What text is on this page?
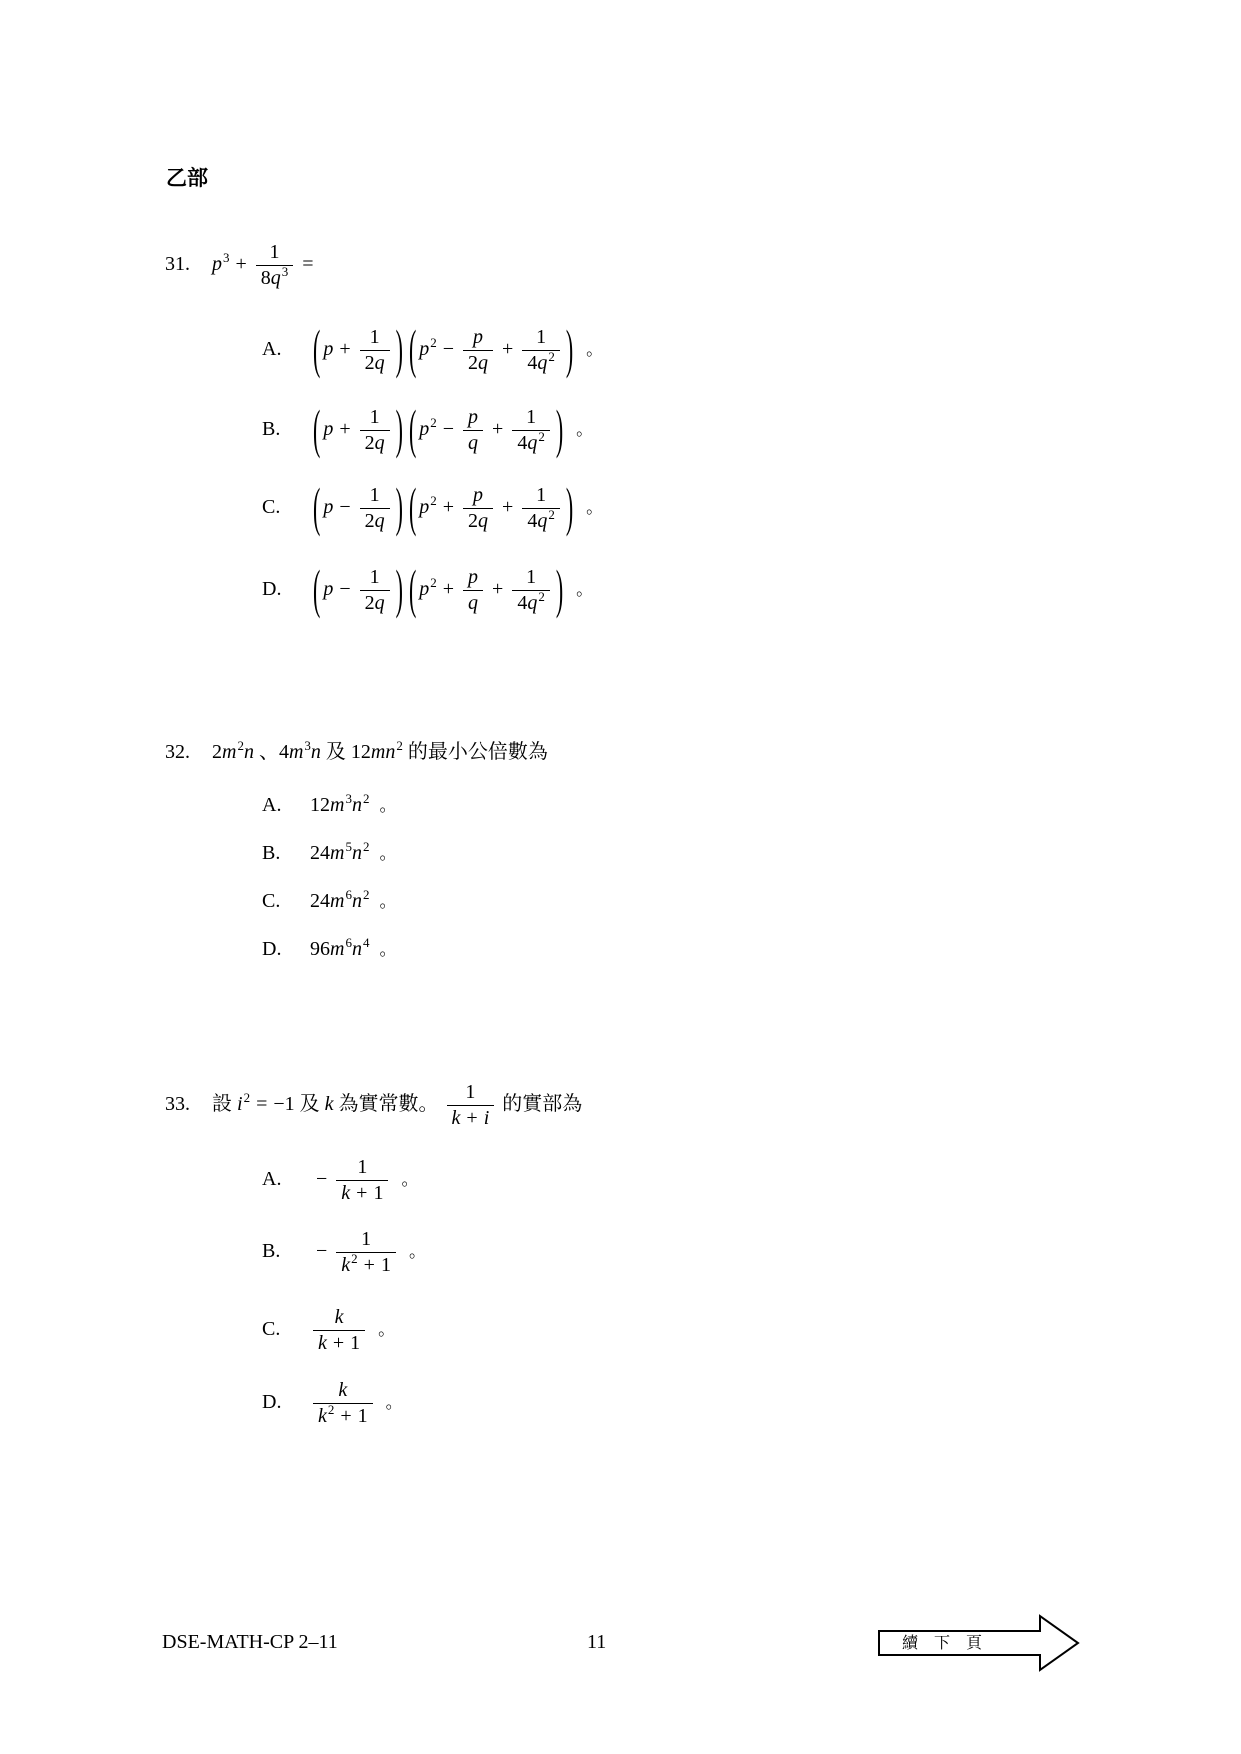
乙部
31. $p^3 + \frac{1}{8q^3}$ =
A. ( $p + \frac{1}{2q}$ ) ( $p^2 - \frac{p}{2q} + \frac{1}{4q^2}$ ) 。
B. ( $p + \frac{1}{2q}$ ) ( $p^2 - \frac{p}{q} + \frac{1}{4q^2}$ ) 。
C. ( $p - \frac{1}{2q}$ ) ( $p^2 + \frac{p}{2q} + \frac{1}{4q^2}$ ) 。
D. ( $p - \frac{1}{2q}$ ) ( $p^2 + \frac{p}{q} + \frac{1}{4q^2}$ ) 。
32. $2m^2n$ 、$4m^3n$ 及 $12mn^2$ 的最小公倍數為
A. $12m^3n^2$ 。
B. $24m^5n^2$ 。
C. $24m^6n^2$ 。
D. $96m^6n^4$ 。
33. 設 $i^2 = -1$ 及 k 為實常數。 $\frac{1}{k + i}$ 的實部為
A. − $\frac{1}{k + 1}$ 。
B. − $\frac{1}{k^2 + 1}$ 。
C. $\frac{k}{k + 1}$ 。
D. $\frac{k}{k^2 + 1}$ 。
DSE-MATH-CP 2–11	11	續　下　頁
